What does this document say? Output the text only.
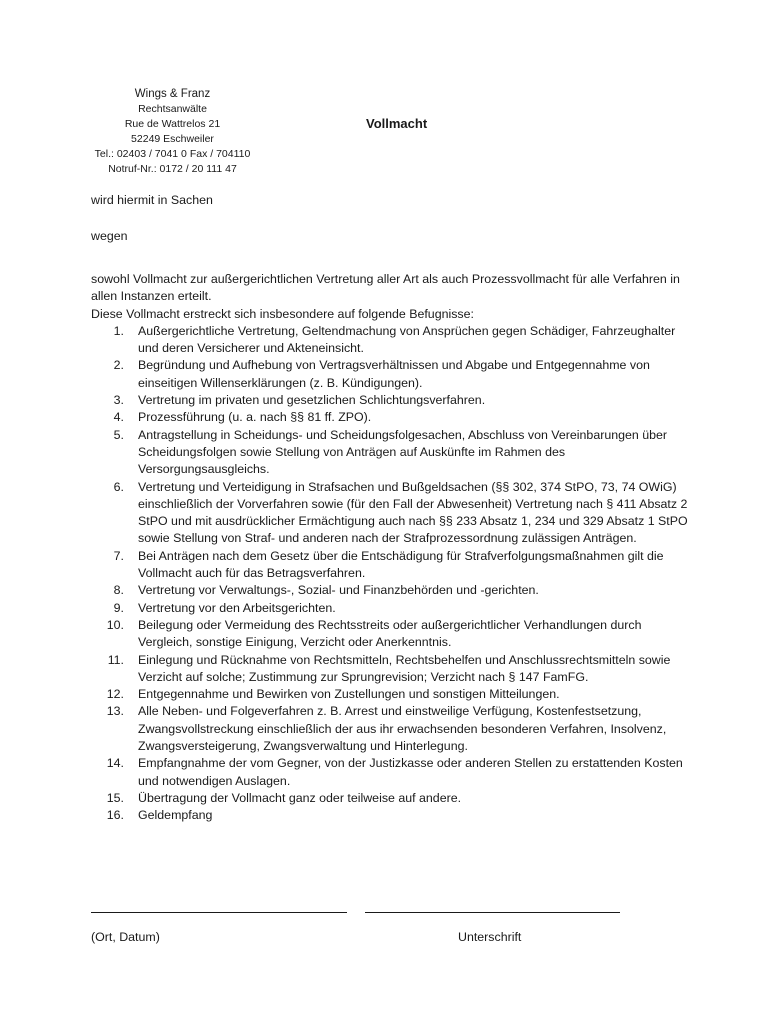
Wings & Franz
Rechtsanwälte
Rue de Wattrelos 21
52249 Eschweiler
Tel.: 02403 / 7041 0 Fax / 704110
Notruf-Nr.: 0172 / 20 111 47
Vollmacht
wird hiermit in Sachen
wegen

sowohl Vollmacht zur außergerichtlichen Vertretung aller Art als auch Prozessvollmacht für alle Verfahren in allen Instanzen erteilt.

Diese Vollmacht erstreckt sich insbesondere auf folgende Befugnisse:

1. Außergerichtliche Vertretung, Geltendmachung von Ansprüchen gegen Schädiger, Fahrzeughalter und deren Versicherer und Akteneinsicht.
2. Begründung und Aufhebung von Vertragsverhältnissen und Abgabe und Entgegennahme von einseitigen Willenserklärungen (z. B. Kündigungen).
3. Vertretung im privaten und gesetzlichen Schlichtungsverfahren.
4. Prozessführung (u. a. nach §§ 81 ff. ZPO).
5. Antragstellung in Scheidungs- und Scheidungsfolgesachen, Abschluss von Vereinbarungen über Scheidungsfolgen sowie Stellung von Anträgen auf Auskünfte im Rahmen des Versorgungsausgleichs.
6. Vertretung und Verteidigung in Strafsachen und Bußgeldsachen (§§ 302, 374 StPO, 73, 74 OWiG) einschließlich der Vorverfahren sowie (für den Fall der Abwesenheit) Vertretung nach § 411 Absatz 2 StPO und mit ausdrücklicher Ermächtigung auch nach §§ 233 Absatz 1, 234 und 329 Absatz 1 StPO sowie Stellung von Straf- und anderen nach der Strafprozessordnung zulässigen Anträgen.
7. Bei Anträgen nach dem Gesetz über die Entschädigung für Strafverfolgungsmaßnahmen gilt die Vollmacht auch für das Betragsverfahren.
8. Vertretung vor Verwaltungs-, Sozial- und Finanzbehörden und -gerichten.
9. Vertretung vor den Arbeitsgerichten.
10. Beilegung oder Vermeidung des Rechtsstreits oder außergerichtlicher Verhandlungen durch Vergleich, sonstige Einigung, Verzicht oder Anerkenntnis.
11. Einlegung und Rücknahme von Rechtsmitteln, Rechtsbehelfen und Anschlussrechtsmitteln sowie Verzicht auf solche; Zustimmung zur Sprungrevision; Verzicht nach § 147 FamFG.
12. Entgegennahme und Bewirken von Zustellungen und sonstigen Mitteilungen.
13. Alle Neben- und Folgeverfahren z. B. Arrest und einstweilige Verfügung, Kostenfestsetzung, Zwangsvollstreckung einschließlich der aus ihr erwachsenden besonderen Verfahren, Insolvenz, Zwangsversteigerung, Zwangsverwaltung und Hinterlegung.
14. Empfangnahme der vom Gegner, von der Justizkasse oder anderen Stellen zu erstattenden Kosten und notwendigen Auslagen.
15. Übertragung der Vollmacht ganz oder teilweise auf andere.
16. Geldempfang
(Ort, Datum)	Unterschrift
